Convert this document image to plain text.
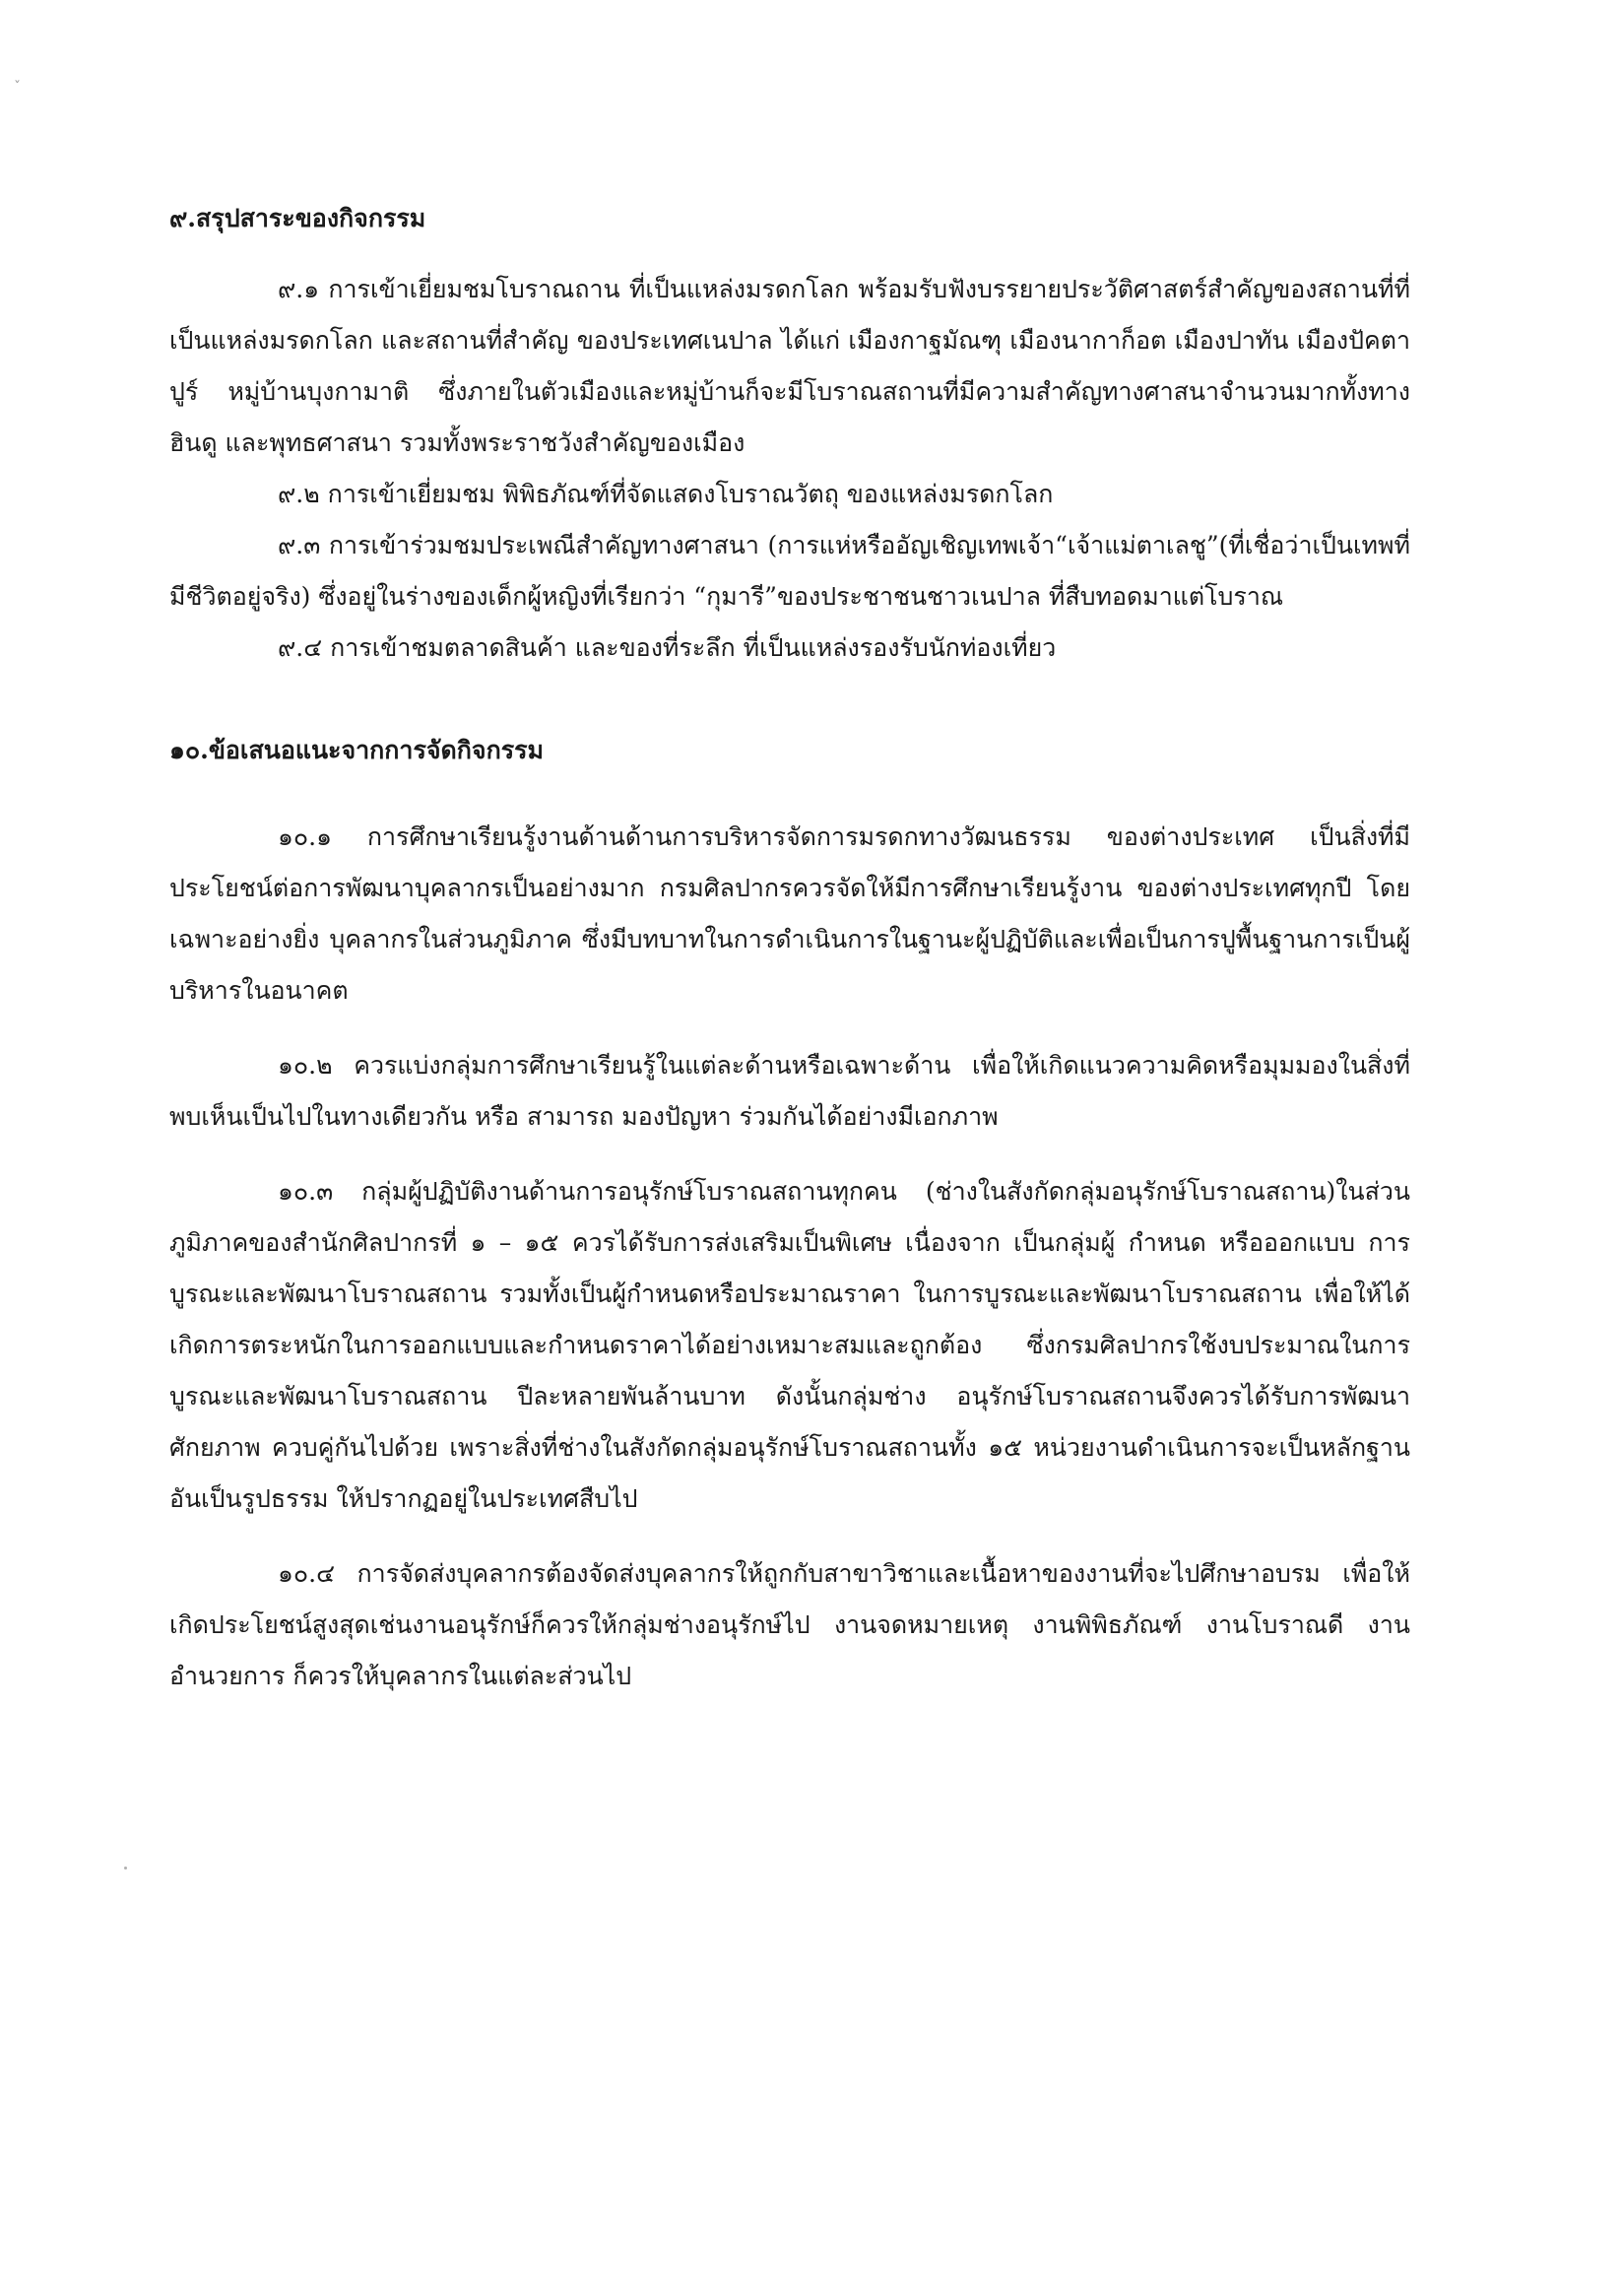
ˇ

๙.สรุปสาระของกิจกรรม

๙.๑ การเข้าเยี่ยมชมโบราณถาน ที่เป็นแหล่งมรดกโลก พร้อมรับฟังบรรยายประวัติศาสตร์สำคัญของสถานที่ที่เป็นแหล่งมรดกโลก และสถานที่สำคัญ ของประเทศเนปาล ได้แก่ เมืองกาฐมัณฑุ เมืองนากาก็อต เมืองปาทัน เมืองปัคตาปูร์ หมู่บ้านบุงกามาติ ซึ่งภายในตัวเมืองและหมู่บ้านก็จะมีโบราณสถานที่มีความสำคัญทางศาสนาจำนวนมากทั้งทางฮินดู และพุทธศาสนา รวมทั้งพระราชวังสำคัญของเมือง

๙.๒ การเข้าเยี่ยมชม พิพิธภัณฑ์ที่จัดแสดงโบราณวัตถุ ของแหล่งมรดกโลก

๙.๓ การเข้าร่วมชมประเพณีสำคัญทางศาสนา (การแห่หรืออัญเชิญเทพเจ้า“เจ้าแม่ตาเลชู”(ที่เชื่อว่าเป็นเทพที่มีชีวิตอยู่จริง) ซึ่งอยู่ในร่างของเด็กผู้หญิงที่เรียกว่า “กุมารี”ของประชาชนชาวเนปาล ที่สืบทอดมาแต่โบราณ

๙.๔ การเข้าชมตลาดสินค้า และของที่ระลึก ที่เป็นแหล่งรองรับนักท่องเที่ยว

๑๐.ข้อเสนอแนะจากการจัดกิจกรรม

๑๐.๑ การศึกษาเรียนรู้งานด้านด้านการบริหารจัดการมรดกทางวัฒนธรรม ของต่างประเทศ เป็นสิ่งที่มีประโยชน์ต่อการพัฒนาบุคลากรเป็นอย่างมาก กรมศิลปากรควรจัดให้มีการศึกษาเรียนรู้งาน ของต่างประเทศทุกปี โดยเฉพาะอย่างยิ่ง บุคลากรในส่วนภูมิภาค ซึ่งมีบทบาทในการดำเนินการในฐานะผู้ปฏิบัติและเพื่อเป็นการปูพื้นฐานการเป็นผู้บริหารในอนาคต

๑๐.๒ ควรแบ่งกลุ่มการศึกษาเรียนรู้ในแต่ละด้านหรือเฉพาะด้าน เพื่อให้เกิดแนวความคิดหรือมุมมองในสิ่งที่พบเห็นเป็นไปในทางเดียวกัน หรือ สามารถ มองปัญหา ร่วมกันได้อย่างมีเอกภาพ

๑๐.๓ กลุ่มผู้ปฏิบัติงานด้านการอนุรักษ์โบราณสถานทุกคน (ช่างในสังกัดกลุ่มอนุรักษ์โบราณสถาน)ในส่วนภูมิภาคของสำนักศิลปากรที่ ๑ – ๑๕ ควรได้รับการส่งเสริมเป็นพิเศษ เนื่องจาก เป็นกลุ่มผู้ กำหนด หรือออกแบบ การบูรณะและพัฒนาโบราณสถาน รวมทั้งเป็นผู้กำหนดหรือประมาณราคา ในการบูรณะและพัฒนาโบราณสถาน เพื่อให้ได้เกิดการตระหนักในการออกแบบและกำหนดราคาได้อย่างเหมาะสมและถูกต้อง ซึ่งกรมศิลปากรใช้งบประมาณในการบูรณะและพัฒนาโบราณสถาน ปีละหลายพันล้านบาท ดังนั้นกลุ่มช่าง อนุรักษ์โบราณสถานจึงควรได้รับการพัฒนาศักยภาพ ควบคู่กันไปด้วย เพราะสิ่งที่ช่างในสังกัดกลุ่มอนุรักษ์โบราณสถานทั้ง ๑๕ หน่วยงานดำเนินการจะเป็นหลักฐานอันเป็นรูปธรรม ให้ปรากฏอยู่ในประเทศสืบไป

๑๐.๔ การจัดส่งบุคลากรต้องจัดส่งบุคลากรให้ถูกกับสาขาวิชาและเนื้อหาของงานที่จะไปศึกษาอบรม เพื่อให้เกิดประโยชน์สูงสุดเช่นงานอนุรักษ์ก็ควรให้กลุ่มช่างอนุรักษ์ไป งานจดหมายเหตุ งานพิพิธภัณฑ์ งานโบราณดี งานอำนวยการ ก็ควรให้บุคลากรในแต่ละส่วนไป
